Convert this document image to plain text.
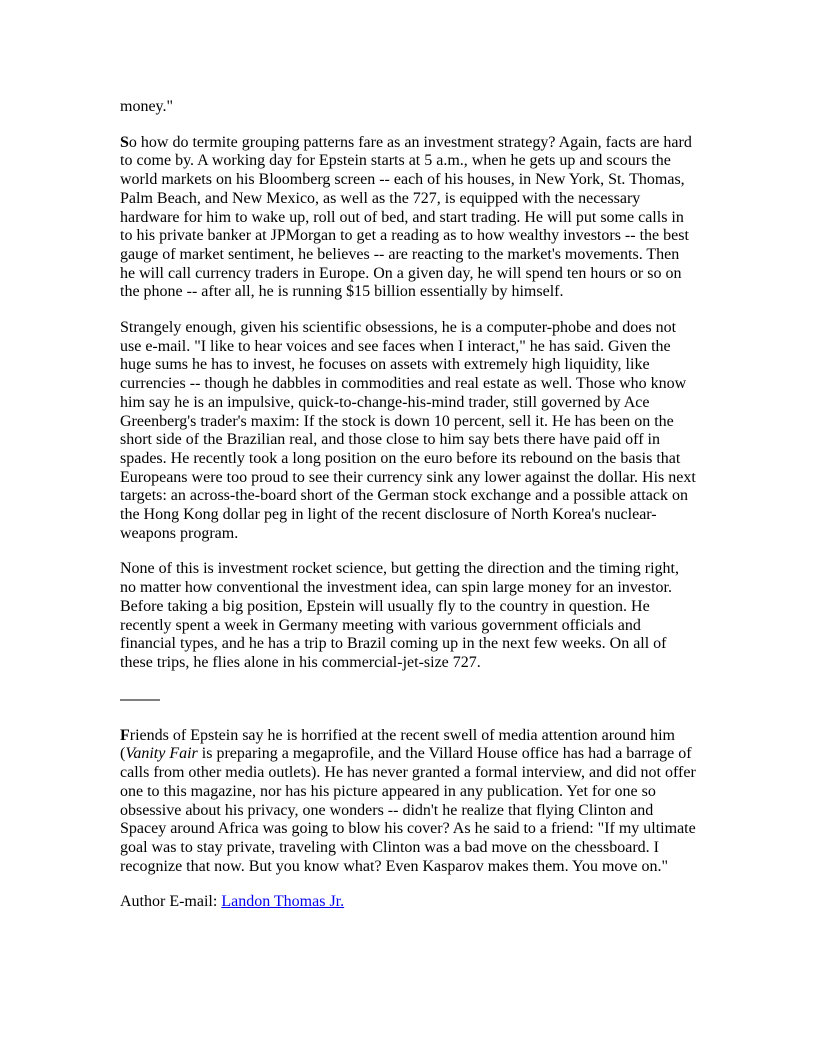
money."

So how do termite grouping patterns fare as an investment strategy? Again, facts are hard to come by. A working day for Epstein starts at 5 a.m., when he gets up and scours the world markets on his Bloomberg screen -- each of his houses, in New York, St. Thomas, Palm Beach, and New Mexico, as well as the 727, is equipped with the necessary hardware for him to wake up, roll out of bed, and start trading. He will put some calls in to his private banker at JPMorgan to get a reading as to how wealthy investors -- the best gauge of market sentiment, he believes -- are reacting to the market's movements. Then he will call currency traders in Europe. On a given day, he will spend ten hours or so on the phone -- after all, he is running $15 billion essentially by himself.

Strangely enough, given his scientific obsessions, he is a computer-phobe and does not use e-mail. "I like to hear voices and see faces when I interact," he has said. Given the huge sums he has to invest, he focuses on assets with extremely high liquidity, like currencies -- though he dabbles in commodities and real estate as well. Those who know him say he is an impulsive, quick-to-change-his-mind trader, still governed by Ace Greenberg's trader's maxim: If the stock is down 10 percent, sell it. He has been on the short side of the Brazilian real, and those close to him say bets there have paid off in spades. He recently took a long position on the euro before its rebound on the basis that Europeans were too proud to see their currency sink any lower against the dollar. His next targets: an across-the-board short of the German stock exchange and a possible attack on the Hong Kong dollar peg in light of the recent disclosure of North Korea's nuclear-weapons program.

None of this is investment rocket science, but getting the direction and the timing right, no matter how conventional the investment idea, can spin large money for an investor. Before taking a big position, Epstein will usually fly to the country in question. He recently spent a week in Germany meeting with various government officials and financial types, and he has a trip to Brazil coming up in the next few weeks. On all of these trips, he flies alone in his commercial-jet-size 727.

Friends of Epstein say he is horrified at the recent swell of media attention around him (Vanity Fair is preparing a megaprofile, and the Villard House office has had a barrage of calls from other media outlets). He has never granted a formal interview, and did not offer one to this magazine, nor has his picture appeared in any publication. Yet for one so obsessive about his privacy, one wonders -- didn't he realize that flying Clinton and Spacey around Africa was going to blow his cover? As he said to a friend: "If my ultimate goal was to stay private, traveling with Clinton was a bad move on the chessboard. I recognize that now. But you know what? Even Kasparov makes them. You move on."

Author E-mail: Landon Thomas Jr.
